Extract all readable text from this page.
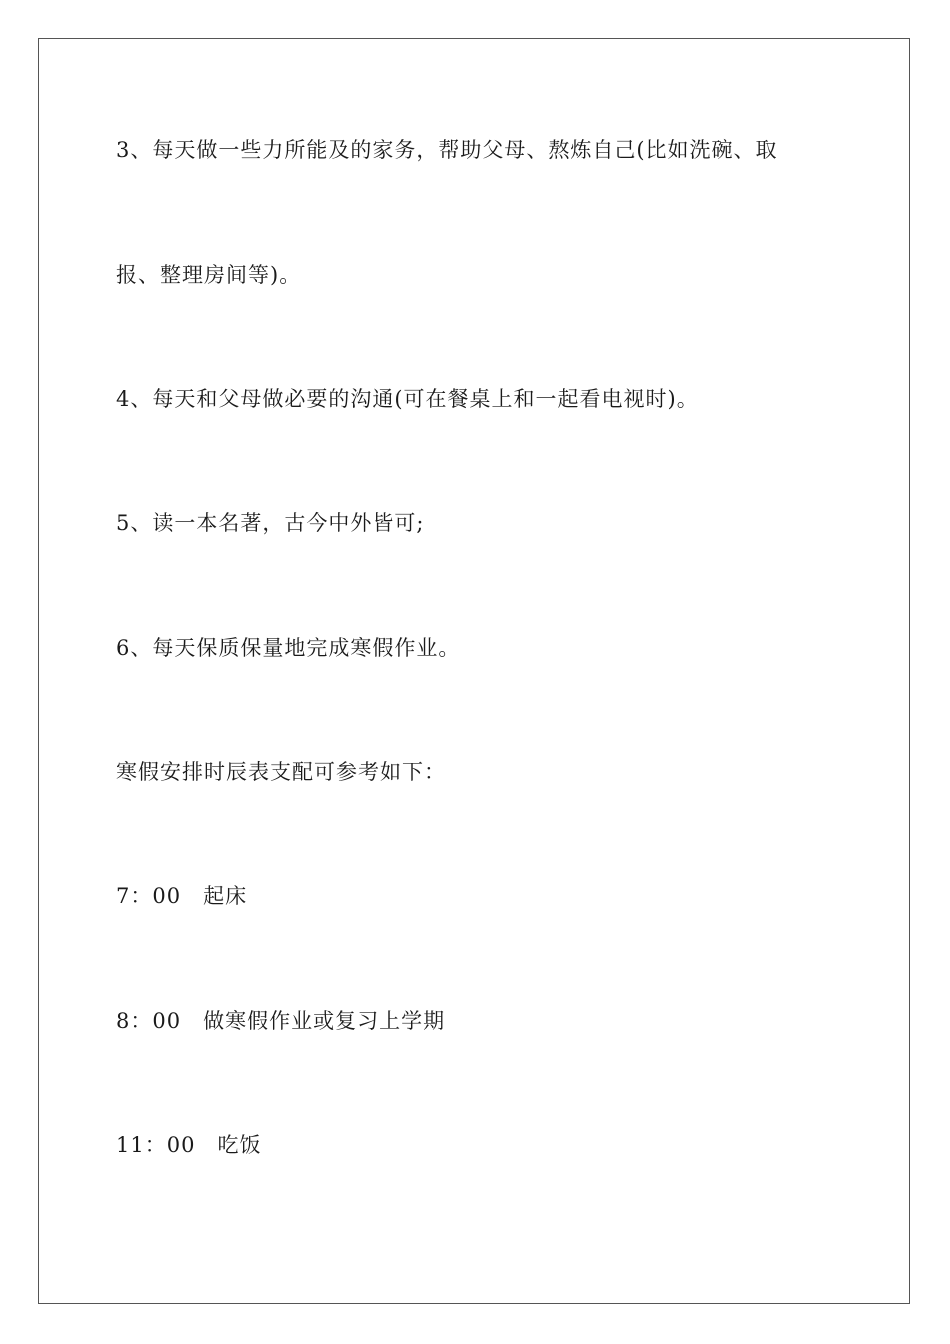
3、每天做一些力所能及的家务，帮助父母、熬炼自己(比如洗碗、取
报、整理房间等)。
4、每天和父母做必要的沟通(可在餐桌上和一起看电视时)。
5、读一本名著，古今中外皆可;
6、每天保质保量地完成寒假作业。
寒假安排时辰表支配可参考如下：
7：00　起床
8：00　做寒假作业或复习上学期
11：00　吃饭
